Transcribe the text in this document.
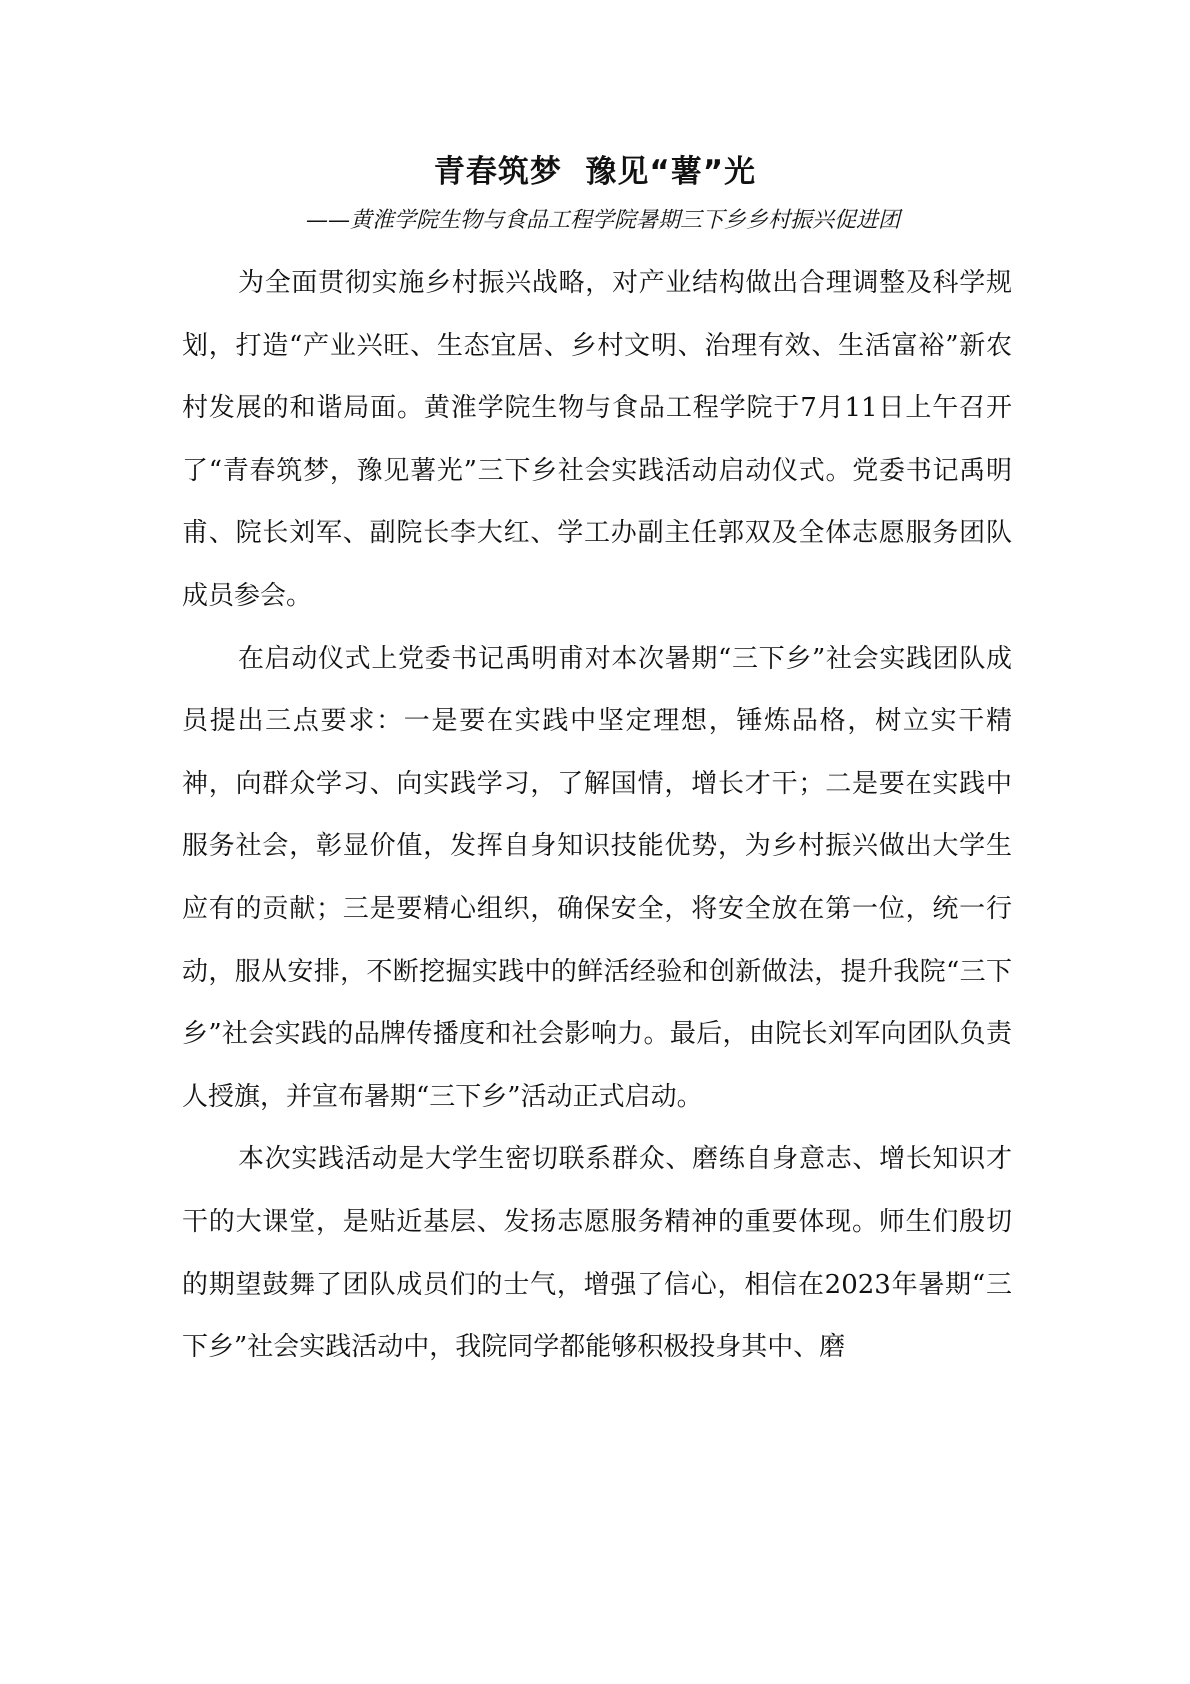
青春筑梦  豫见“薯”光

——黄淮学院生物与食品工程学院暑期三下乡乡村振兴促进团

为全面贯彻实施乡村振兴战略，对产业结构做出合理调整及科学规划，打造“产业兴旺、生态宜居、乡村文明、治理有效、生活富裕”新农村发展的和谐局面。黄淮学院生物与食品工程学院于7月11日上午召开了“青春筑梦，豫见薯光”三下乡社会实践活动启动仪式。党委书记禹明甫、院长刘军、副院长李大红、学工办副主任郭双及全体志愿服务团队成员参会。

在启动仪式上党委书记禹明甫对本次暑期“三下乡”社会实践团队成员提出三点要求：一是要在实践中坚定理想，锤炼品格，树立实干精神，向群众学习、向实践学习，了解国情，增长才干；二是要在实践中服务社会，彰显价值，发挥自身知识技能优势，为乡村振兴做出大学生应有的贡献；三是要精心组织，确保安全，将安全放在第一位，统一行动，服从安排，不断挖掘实践中的鲜活经验和创新做法，提升我院“三下乡”社会实践的品牌传播度和社会影响力。最后，由院长刘军向团队负责人授旗，并宣布暑期“三下乡”活动正式启动。

本次实践活动是大学生密切联系群众、磨练自身意志、增长知识才干的大课堂，是贴近基层、发扬志愿服务精神的重要体现。师生们殷切的期望鼓舞了团队成员们的士气，增强了信心，相信在2023年暑期“三下乡”社会实践活动中，我院同学都能够积极投身其中、磨
